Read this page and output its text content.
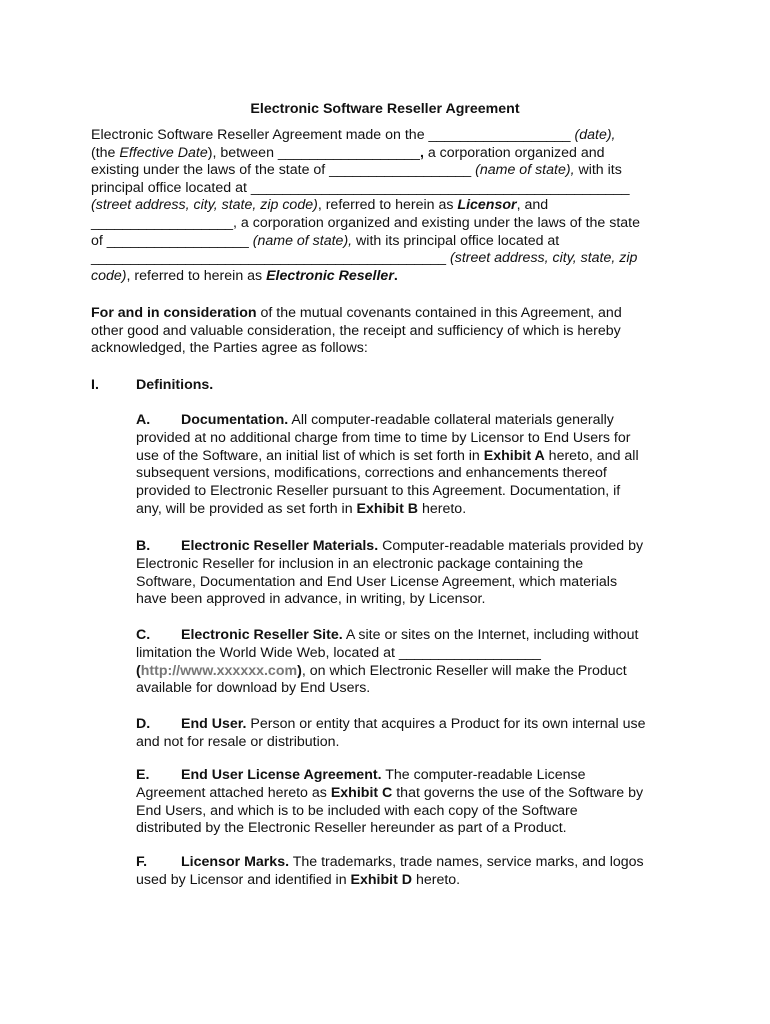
Electronic Software Reseller Agreement
Electronic Software Reseller Agreement made on the __________________ (date),
(the Effective Date), between __________________, a corporation organized and
existing under the laws of the state of __________________ (name of state), with its
principal office located at ________________________________________________
(street address, city, state, zip code), referred to herein as Licensor, and
__________________, a corporation organized and existing under the laws of the state
of __________________ (name of state), with its principal office located at
_____________________________________________ (street address, city, state, zip
code), referred to herein as Electronic Reseller.
For and in consideration of the mutual covenants contained in this Agreement, and
other good and valuable consideration, the receipt and sufficiency of which is hereby
acknowledged, the Parties agree as follows:
I.	Definitions.
A. Documentation. All computer-readable collateral materials generally
provided at no additional charge from time to time by Licensor to End Users for
use of the Software, an initial list of which is set forth in Exhibit A hereto, and all
subsequent versions, modifications, corrections and enhancements thereof
provided to Electronic Reseller pursuant to this Agreement. Documentation, if
any, will be provided as set forth in Exhibit B hereto.
B. Electronic Reseller Materials. Computer-readable materials provided by
Electronic Reseller for inclusion in an electronic package containing the
Software, Documentation and End User License Agreement, which materials
have been approved in advance, in writing, by Licensor.
C. Electronic Reseller Site. A site or sites on the Internet, including without
limitation the World Wide Web, located at __________________
(http://www.xxxxxx.com), on which Electronic Reseller will make the Product
available for download by End Users.
D. End User. Person or entity that acquires a Product for its own internal use
and not for resale or distribution.
E. End User License Agreement. The computer-readable License
Agreement attached hereto as Exhibit C that governs the use of the Software by
End Users, and which is to be included with each copy of the Software
distributed by the Electronic Reseller hereunder as part of a Product.
F. Licensor Marks. The trademarks, trade names, service marks, and logos
used by Licensor and identified in Exhibit D hereto.
